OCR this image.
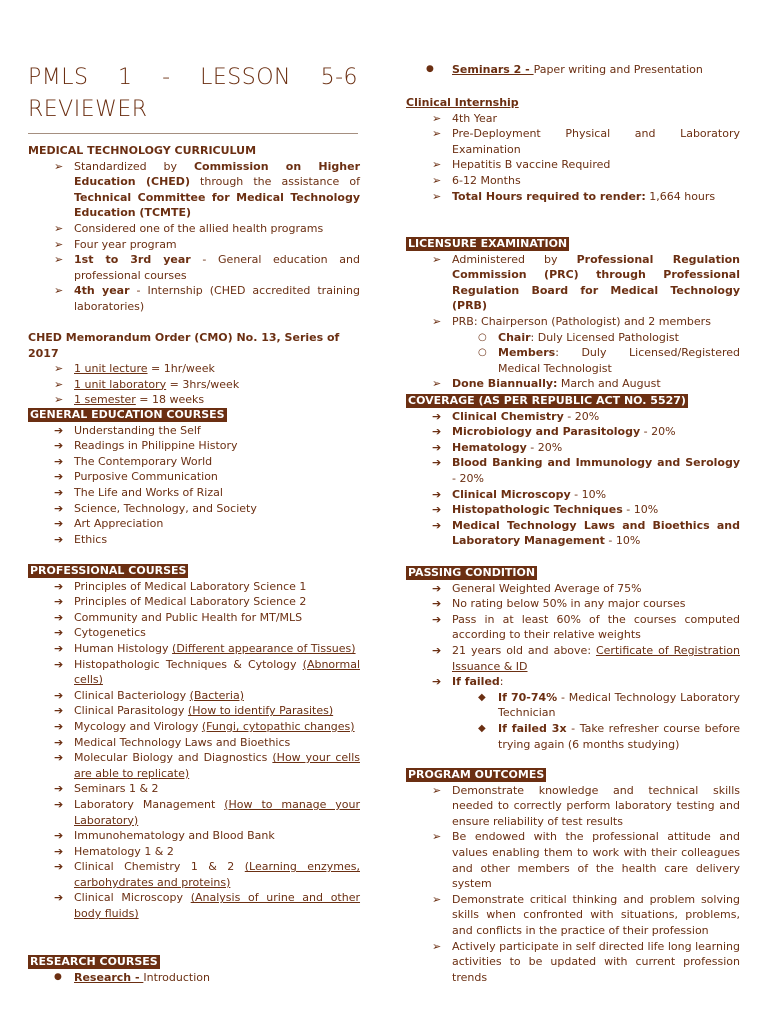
PMLS 1 - LESSON 5-6 REVIEWER
MEDICAL TECHNOLOGY CURRICULUM
➢ Standardized by Commission on Higher Education (CHED) through the assistance of Technical Committee for Medical Technology Education (TCMTE)
➢ Considered one of the allied health programs
➢ Four year program
➢ 1st to 3rd year - General education and professional courses
➢ 4th year - Internship (CHED accredited training laboratories)
CHED Memorandum Order (CMO) No. 13, Series of 2017
➢ 1 unit lecture = 1hr/week
➢ 1 unit laboratory = 3hrs/week
➢ 1 semester = 18 weeks
GENERAL EDUCATION COURSES
➔ Understanding the Self
➔ Readings in Philippine History
➔ The Contemporary World
➔ Purposive Communication
➔ The Life and Works of Rizal
➔ Science, Technology, and Society
➔ Art Appreciation
➔ Ethics
PROFESSIONAL COURSES
➔ Principles of Medical Laboratory Science 1
➔ Principles of Medical Laboratory Science 2
➔ Community and Public Health for MT/MLS
➔ Cytogenetics
➔ Human Histology (Different appearance of Tissues)
➔ Histopathologic Techniques & Cytology (Abnormal cells)
➔ Clinical Bacteriology (Bacteria)
➔ Clinical Parasitology (How to identify Parasites)
➔ Mycology and Virology (Fungi, cytopathic changes)
➔ Medical Technology Laws and Bioethics
➔ Molecular Biology and Diagnostics (How your cells are able to replicate)
➔ Seminars 1 & 2
➔ Laboratory Management (How to manage your Laboratory)
➔ Immunohematology and Blood Bank
➔ Hematology 1 & 2
➔ Clinical Chemistry 1 & 2 (Learning enzymes, carbohydrates and proteins)
➔ Clinical Microscopy (Analysis of urine and other body fluids)
RESEARCH COURSES
● Research - Introduction
● Seminars 2 - Paper writing and Presentation
Clinical Internship
➢ 4th Year
➢ Pre-Deployment Physical and Laboratory Examination
➢ Hepatitis B vaccine Required
➢ 6-12 Months
➢ Total Hours required to render: 1,664 hours
LICENSURE EXAMINATION
➢ Administered by Professional Regulation Commission (PRC) through Professional Regulation Board for Medical Technology (PRB)
➢ PRB: Chairperson (Pathologist) and 2 members
○ Chair: Duly Licensed Pathologist
○ Members: Duly Licensed/Registered Medical Technologist
➢ Done Biannually: March and August
COVERAGE (AS PER REPUBLIC ACT NO. 5527)
➔ Clinical Chemistry - 20%
➔ Microbiology and Parasitology - 20%
➔ Hematology - 20%
➔ Blood Banking and Immunology and Serology - 20%
➔ Clinical Microscopy - 10%
➔ Histopathologic Techniques - 10%
➔ Medical Technology Laws and Bioethics and Laboratory Management - 10%
PASSING CONDITION
➔ General Weighted Average of 75%
➔ No rating below 50% in any major courses
➔ Pass in at least 60% of the courses computed according to their relative weights
➔ 21 years old and above: Certificate of Registration Issuance & ID
➔ If failed:
◆ If 70-74% - Medical Technology Laboratory Technician
◆ If failed 3x - Take refresher course before trying again (6 months studying)
PROGRAM OUTCOMES
➢ Demonstrate knowledge and technical skills needed to correctly perform laboratory testing and ensure reliability of test results
➢ Be endowed with the professional attitude and values enabling them to work with their colleagues and other members of the health care delivery system
➢ Demonstrate critical thinking and problem solving skills when confronted with situations, problems, and conflicts in the practice of their profession
➢ Actively participate in self directed life long learning activities to be updated with current profession trends
